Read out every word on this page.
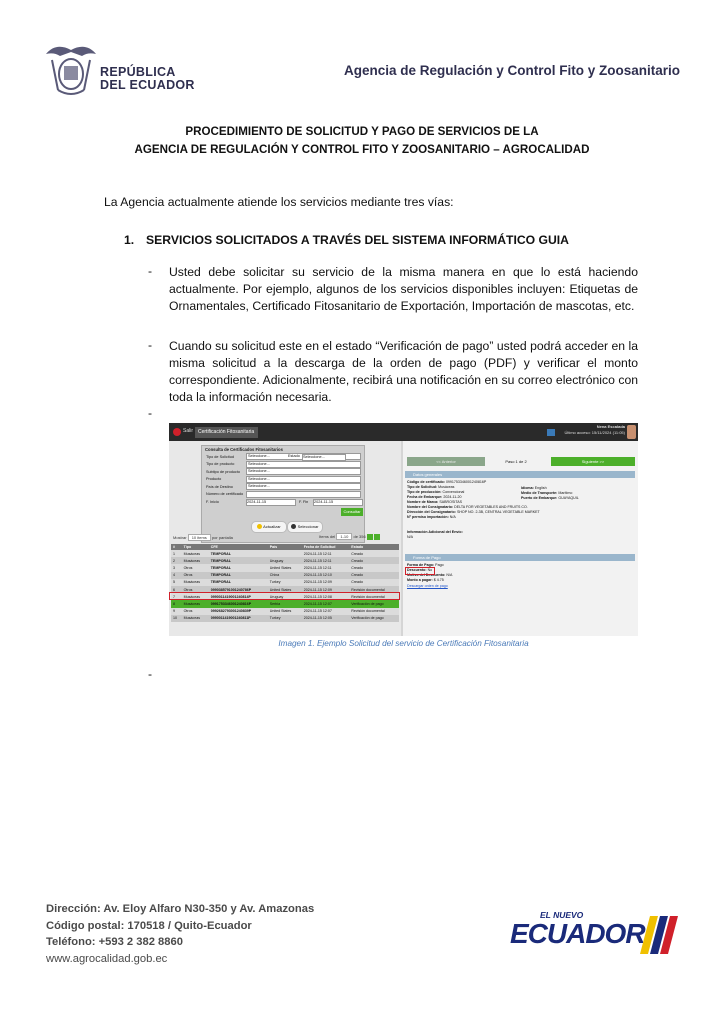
REPÚBLICA
DEL ECUADOR
Agencia de Regulación y Control Fito y Zoosanitario
PROCEDIMIENTO DE SOLICITUD Y PAGO DE SERVICIOS DE LA
AGENCIA DE REGULACIÓN Y CONTROL FITO Y ZOOSANITARIO – AGROCALIDAD
La Agencia actualmente atiende los servicios mediante tres vías:
1. SERVICIOS SOLICITADOS A TRAVÉS DEL SISTEMA INFORMÁTICO GUIA
-	Usted debe solicitar su servicio de la misma manera en que lo está haciendo actualmente. Por ejemplo, algunos de los servicios disponibles incluyen: Etiquetas de Ornamentales, Certificado Fitosanitario de Exportación, Importación de mascotas, etc.
-	Cuando su solicitud este en el estado “Verificación de pago” usted podrá acceder en la misma solicitud a la descarga de la orden de pago (PDF) y verificar el monto correspondiente. Adicionalmente, recibirá una notificación en su correo electrónico con toda la información necesaria.
-
Salir Certificación Fitosanitaria
Nena Escalada
Último acceso: 15/11/2024 (11:05)
Consulta de Certificados Fitosanitarios
Tipo de Solicitud	Seleccione...
Tipo de producto	Seleccione...
Subtipo de producto	Seleccione...
Producto	Seleccione...
País de Destino	Seleccione...
Número de certificado
F. Inicio	2024-11-15	F. Fin	2024-11-15
Estado Seleccione...
Consultar
Actualizar	Seleccionar
Mostrar 10 items por pantalla	Items del 1-10 de 356
#	Tipo	CFE	País	Fecha de Solicitud	Estado
1	Musáceas	TEMPORAL		2024-11-15 12:11	Creado
2	Musáceas	TEMPORAL	Uruguay	2024-11-15 12:11	Creado
3	Otros	TEMPORAL	United States	2024-11-15 12:11	Creado
4	Otros	TEMPORAL	China	2024-11-15 12:10	Creado
5	Musáceas	TEMPORAL	Turkey	2024-11-15 12:09	Creado
6	Otros	0990385791001240786P	United States	2024-11-15 12:09	Revisión documental
7	Musáceas	0990011419001240814P	Uruguay	2024-11-15 12:08	Revisión documental
8	Musáceas	0991753346001240816P	Serbia	2024-11-15 12:07	Verificación de pago
9	Otros	0992682793001240839P	United States	2024-11-15 12:07	Revisión documental
10	Musáceas	0990011419001240811P	Turkey	2024-11-15 12:05	Verificación de pago
<< Anterior	Paso 1 de 2	Siguiente >>
Datos generales
Código de certificado: 0991753346001240816P
Tipo de Solicitud: Musáceas
Tipo de producción: Convencional
Fecha de Embarque: 2024-11-20
Nombre de Marca: SABROSITAS
Nombre del Consignatario: DELTA FOR VEGETABLES AND FRUITS CO.
Dirección del Consignatario: SHOP NO. 2-3B, CENTRAL VEGETABLE MARKET
N° permiso importación: N/A
Idioma: English
Medio de Transporte: Marítimo
Puerto de Embarque: GUAYAQUIL
Información Adicional del Envío:
N/A
Forma de Pago
Forma de Pago: Pago
Descuento: No
Motivo del Descuento: N/A
Monto a pagar: $ 4.75
Descargar orden de pago
Imagen 1. Ejemplo Solicitud del servicio de Certificación Fitosanitaria
-
Dirección: Av. Eloy Alfaro N30-350 y Av. Amazonas
Código postal: 170518 / Quito-Ecuador
Teléfono: +593 2 382 8860
www.agrocalidad.gob.ec
EL NUEVO
ECUADOR
